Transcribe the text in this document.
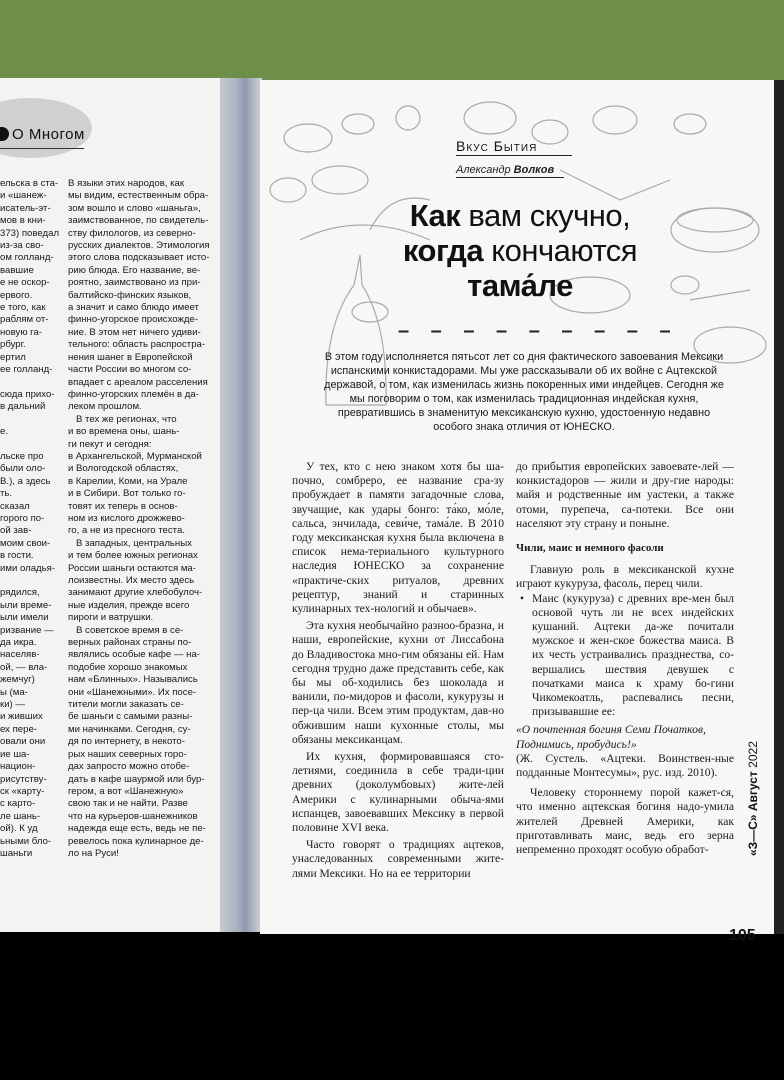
О Многом
ельска в ста-
и «шанеж-
исатель-эт-
мов в кни-
373) поведал
из-за сво-
ом голланд-
вавшие
е не оскор-
ервого.
е того, как
раблям от-
новую га-
рбург.
ертил
ее голланд-

сюда прихо-
в дальний

е.

льске про
были оло-
В.), а здесь
ть.
сказал
горого по-
ой зав-
моим свои-
в гости.
ими оладья-

рядился,
ыли време-
ыли имели
ризвание —
да икра.
населяв-
ой, — вла-
жемчуг)
ы (ма-
ки) —
и живших
ех пере-
овали они
ие ша-
национ-
рисутству-
ск «карту-
с карто-
ле шань-
ой). К уд
ьными бло-
шаньги
В языки этих народов, как
мы видим, естественным обра-
зом вошло и слово «шаньга»,
заимствованное, по свидетель-
ству филологов, из северно-
русских диалектов. Этимология
этого слова подсказывает исто-
рию блюда. Его название, ве-
роятно, заимствовано из при-
балтийско-финских языков,
а значит и само блюдо имеет
финно-угорское происхожде-
ние. В этом нет ничего удиви-
тельного: область распростра-
нения шанег в Европейской
части России во многом со-
впадает с ареалом расселения
финно-угорских племён в да-
леком прошлом.
В тех же регионах, что
и во времена оны, шань-
ги пекут и сегодня:
в Архангельской, Мурманской
и Вологодской областях,
в Карелии, Коми, на Урале
и в Сибири. Вот только го-
товят их теперь в основ-
ном из кислого дрожжево-
го, а не из пресного теста.
В западных, центральных
и тем более южных регионах
России шаньги остаются ма-
лоизвестны. Их место здесь
занимают другие хлебобулоч-
ные изделия, прежде всего
пироги и ватрушки.
В советское время в се-
верных районах страны по-
являлись особые кафе — на-
подобие хорошо знакомых
нам «Блинных». Назывались
они «Шанежными». Их посе-
тители могли заказать се-
бе шаньги с самыми разны-
ми начинками. Сегодня, су-
дя по интернету, в некото-
рых наших северных горо-
дах запросто можно отобе-
дать в кафе шаурмой или бур-
гером, а вот «Шанежную»
свою так и не найти. Разве
что на курьеров-шанежников
надежда еще есть, ведь не пе-
ревелось пока кулинарное де-
ло на Руси!
Вкус Бытия
Александр Волков
Как вам скучно,
когда кончаются
тама́ле
– – – – – – – – –
В этом году исполняется пятьсот лет со дня фактического завоевания Мексики испанскими конкистадорами. Мы уже рассказывали об их войне с Ацтекской державой, о том, как изменилась жизнь покоренных ими индейцев. Сегодня же мы поговорим о том, как изменилась традиционная индейская кухня, превратившись в знаменитую мексиканскую кухню, удостоенную недавно особого знака отличия от ЮНЕСКО.

У тех, кто с нею знаком хотя бы ша-почно, сомбреро, ее название сра-зу пробуждает в памяти загадочные слова, звучащие, как удары бонго: та́ко, мо́ле, сальса, энчилада, севи́че, тама́ле. В 2010 году мексиканская кухня была включена в список нема-териального культурного наследия ЮНЕСКО за сохранение «практиче-ских ритуалов, древних рецептур, знаний и старинных кулинарных тех-нологий и обычаев».

Эта кухня необычайно разноо-бразна, и наши, европейские, кухни от Лиссабона до Владивостока мно-гим обязаны ей. Нам сегодня трудно даже представить себе, как бы мы об-ходились без шоколада и ванили, по-мидоров и фасоли, кукурузы и пер-ца чили. Всем этим продуктам, дав-но обжившим наши кухонные столы, мы обязаны мексиканцам.

Их кухня, формировавшаяся сто-летиями, соединила в себе тради-ции древних (доколумбовых) жите-лей Америки с кулинарными обыча-ями испанцев, завоевавших Мексику в первой половине XVI века.

Часто говорят о традициях ацтеков, унаследованных современными жите-лями Мексики. Но на ее территории

до прибытия европейских завоевате-лей — конкистадоров — жили и дру-гие народы: майя и родственные им уастеки, а также отоми, пурепеча, са-потеки. Все они населяют эту страну и поныне.

Чили, маис и немного фасоли

Главную роль в мексиканской кухне играют кукуруза, фасоль, перец чили.

• Маис (кукуруза) с древних вре-мен был основой чуть ли не всех индейских кушаний. Ацтеки да-же почитали мужское и жен-ское божества маиса. В их честь устраивались празднества, со-вершались шествия девушек с початками маиса к храму бо-гини Чикомекоатль, распевались песни, призывавшие ее:

«О почтенная богиня Семи Початков, Поднимись, пробудись!»

(Ж. Сустель. «Ацтеки. Воинствен-ные подданные Монтесумы», рус. изд. 2010).

Человеку стороннему порой кажет-ся, что именно ацтекская богиня надо-умила жителей Древней Америки, как приготавливать маис, ведь его зерна непременно проходят особую обработ-	«З—С» Август 2022
105
